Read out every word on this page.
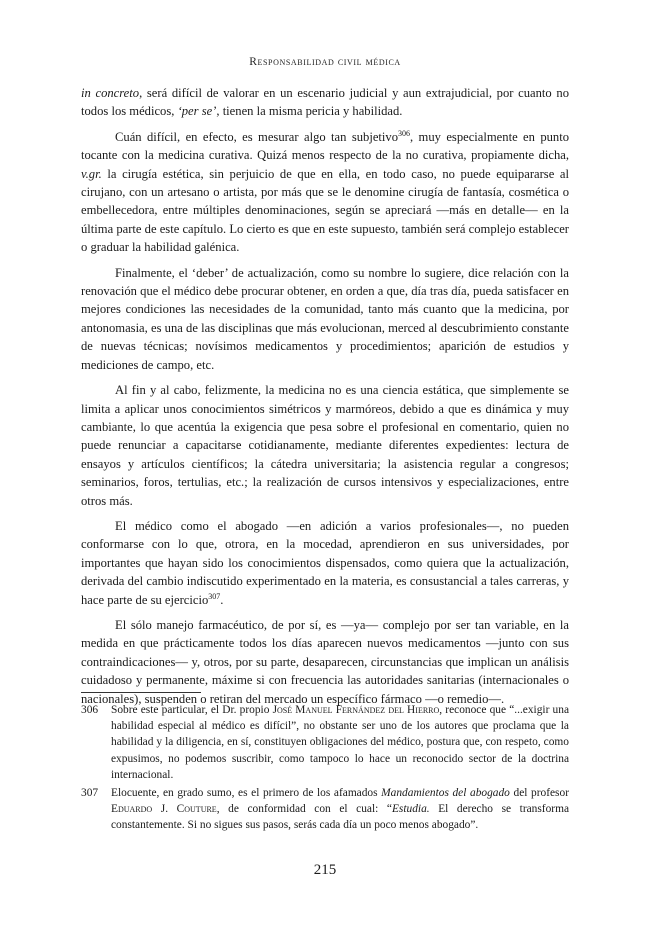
Responsabilidad civil médica

in concreto, será difícil de valorar en un escenario judicial y aun extrajudicial, por cuanto no todos los médicos, ‘per se’, tienen la misma pericia y habilidad.

Cuán difícil, en efecto, es mesurar algo tan subjetivo$^{306}$, muy especialmente en punto tocante con la medicina curativa. Quizá menos respecto de la no curativa, propiamente dicha, v.gr. la cirugía estética, sin perjuicio de que en ella, en todo caso, no puede equipararse al cirujano, con un artesano o artista, por más que se le denomine cirugía de fantasía, cosmética o embellecedora, entre múltiples denominaciones, según se apreciará —más en detalle— en la última parte de este capítulo. Lo cierto es que en este supuesto, también será complejo establecer o graduar la habilidad galénica.

Finalmente, el ‘deber’ de actualización, como su nombre lo sugiere, dice relación con la renovación que el médico debe procurar obtener, en orden a que, día tras día, pueda satisfacer en mejores condiciones las necesidades de la comunidad, tanto más cuanto que la medicina, por antonomasia, es una de las disciplinas que más evolucionan, merced al descubrimiento constante de nuevas técnicas; novísimos medicamentos y procedimientos; aparición de estudios y mediciones de campo, etc.

Al fin y al cabo, felizmente, la medicina no es una ciencia estática, que simplemente se limita a aplicar unos conocimientos simétricos y marmóreos, debido a que es dinámica y muy cambiante, lo que acentúa la exigencia que pesa sobre el profesional en comentario, quien no puede renunciar a capacitarse cotidianamente, mediante diferentes expedientes: lectura de ensayos y artículos científicos; la cátedra universitaria; la asistencia regular a congresos; seminarios, foros, tertulias, etc.; la realización de cursos intensivos y especializaciones, entre otros más.

El médico como el abogado —en adición a varios profesionales—, no pueden conformarse con lo que, otrora, en la mocedad, aprendieron en sus universidades, por importantes que hayan sido los conocimientos dispensados, como quiera que la actualización, derivada del cambio indiscutido experimentado en la materia, es consustancial a tales carreras, y hace parte de su ejercicio$^{307}$.

El sólo manejo farmacéutico, de por sí, es —ya— complejo por ser tan variable, en la medida en que prácticamente todos los días aparecen nuevos medicamentos —junto con sus contraindicaciones— y, otros, por su parte, desaparecen, circunstancias que implican un análisis cuidadoso y permanente, máxime si con frecuencia las autoridades sanitarias (internacionales o nacionales), suspenden o retiran del mercado un específico fármaco —o remedio—.

306	Sobre este particular, el Dr. propio José Manuel Fernández del Hierro, reconoce que “...exigir una habilidad especial al médico es difícil”, no obstante ser uno de los autores que proclama que la habilidad y la diligencia, en sí, constituyen obligaciones del médico, postura que, con respeto, como expusimos, no podemos suscribir, como tampoco lo hace un reconocido sector de la doctrina internacional.
307	Elocuente, en grado sumo, es el primero de los afamados Mandamientos del abogado del profesor Eduardo J. Couture, de conformidad con el cual: “Estudia. El derecho se transforma constantemente. Si no sigues sus pasos, serás cada día un poco menos abogado”.
215
